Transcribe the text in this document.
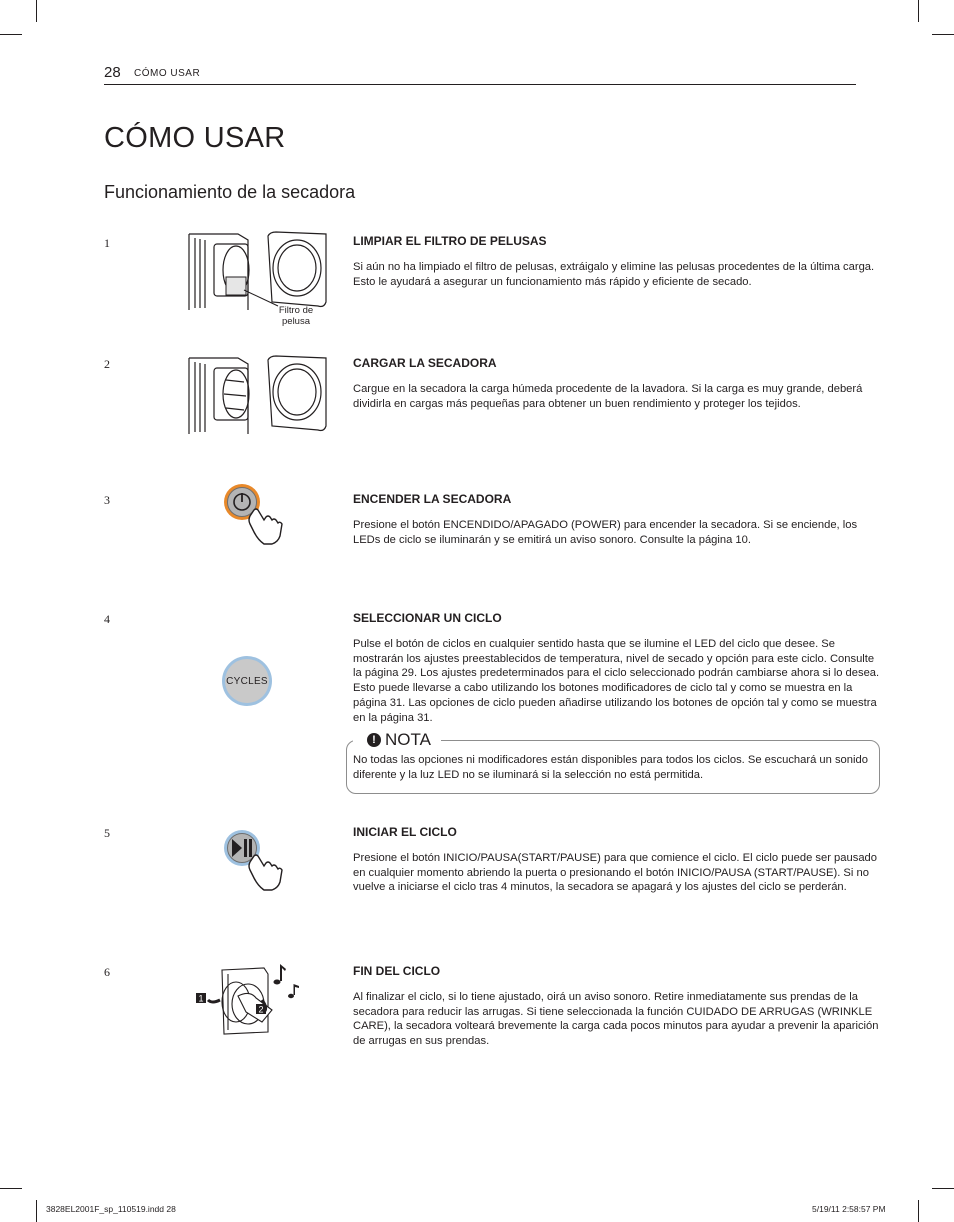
28 CÓMO USAR
CÓMO USAR
Funcionamiento de la secadora
1
Filtro de pelusa

LIMPIAR EL FILTRO DE PELUSAS

Si aún no ha limpiado el filtro de pelusas, extráigalo y elimine las pelusas procedentes de la última carga. Esto le ayudará a asegurar un funcionamiento más rápido y eficiente de secado.

2	CARGAR LA SECADORA

Cargue en la secadora la carga húmeda procedente de la lavadora. Si la carga es muy grande, deberá dividirla en cargas más pequeñas para obtener un buen rendimiento y proteger los tejidos.

3	ENCENDER LA SECADORA

Presione el botón ENCENDIDO/APAGADO (POWER) para encender la secadora. Si se enciende, los LEDs de ciclo se iluminarán y se emitirá un aviso sonoro. Consulte la página 10.

4
CYCLES

SELECCIONAR UN CICLO

Pulse el botón de ciclos en cualquier sentido hasta que se ilumine el LED del ciclo que desee. Se mostrarán los ajustes preestablecidos de temperatura, nivel de secado y opción para este ciclo. Consulte la página 29. Los ajustes predeterminados para el ciclo seleccionado podrán cambiarse ahora si lo desea. Esto puede llevarse a cabo utilizando los botones modificadores de ciclo tal y como se muestra en la página 31. Las opciones de ciclo pueden añadirse utilizando los botones de opción tal y como se muestra en la página 31.

! NOTA

No todas las opciones ni modificadores están disponibles para todos los ciclos. Se escuchará un sonido diferente y la luz LED no se iluminará si la selección no está permitida.

5	INICIAR EL CICLO

Presione el botón INICIO/PAUSA(START/PAUSE) para que comience el ciclo. El ciclo puede ser pausado en cualquier momento abriendo la puerta o presionando el botón INICIO/PAUSA (START/PAUSE). Si no vuelve a iniciarse el ciclo tras 4 minutos, la secadora se apagará y los ajustes del ciclo se perderán.

6
1
2

FIN DEL CICLO

Al finalizar el ciclo, si lo tiene ajustado, oirá un aviso sonoro. Retire inmediatamente sus prendas de la secadora para reducir las arrugas. Si tiene seleccionada la función CUIDADO DE ARRUGAS (WRINKLE CARE), la secadora volteará brevemente la carga cada pocos minutos para ayudar a prevenir la aparición de arrugas en sus prendas.

3828EL2001F_sp_110519.indd 28	5/19/11 2:58:57 PM
